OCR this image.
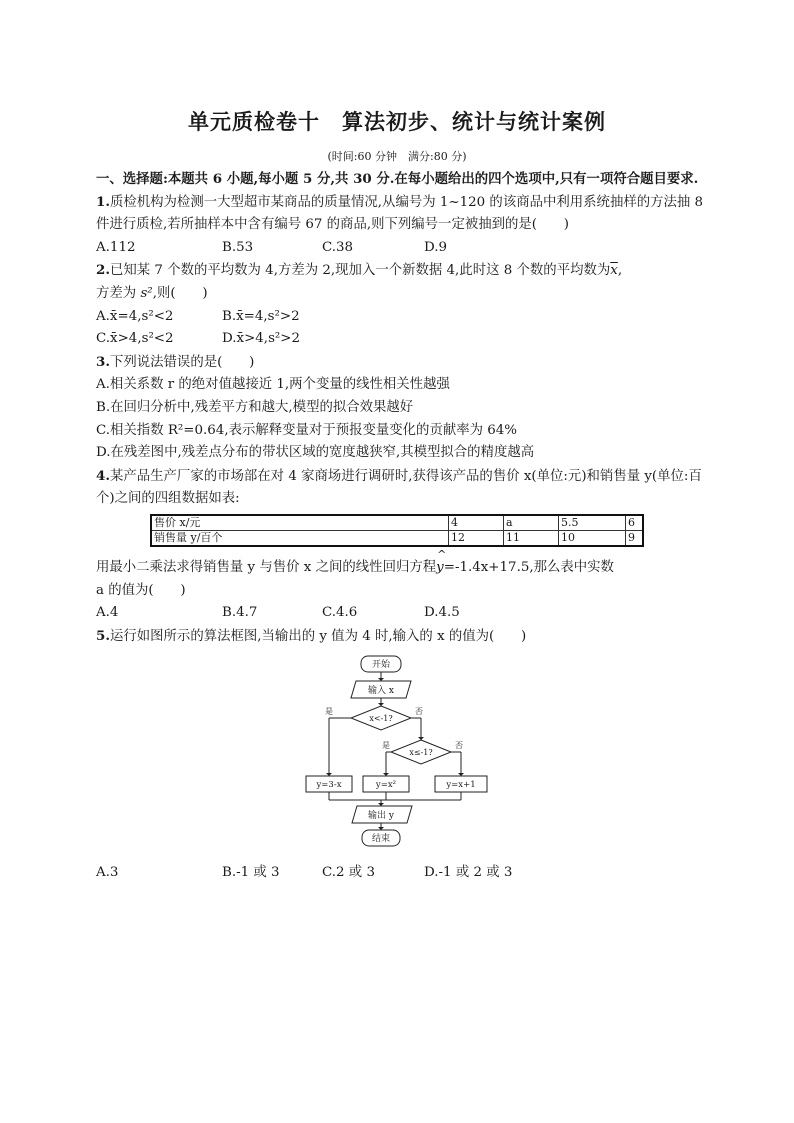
单元质检卷十　算法初步、统计与统计案例
(时间:60 分钟　满分:80 分)

一、选择题:本题共 6 小题,每小题 5 分,共 30 分.在每小题给出的四个选项中,只有一项符合题目要求.

1.质检机构为检测一大型超市某商品的质量情况,从编号为 1~120 的该商品中利用系统抽样的方法抽 8 件进行质检,若所抽样本中含有编号 67 的商品,则下列编号一定被抽到的是(　　)

A.112	B.53	C.38	D.9

2.已知某 7 个数的平均数为 4,方差为 2,现加入一个新数据 4,此时这 8 个数的平均数为$\overline{x}$,
方差为 s²,则(　　)

A.x̄=4,s²<2	B.x̄=4,s²>2
C.x̄>4,s²<2	D.x̄>4,s²>2

3.下列说法错误的是(　　)

A.相关系数 r 的绝对值越接近 1,两个变量的线性相关性越强

B.在回归分析中,残差平方和越大,模型的拟合效果越好

C.相关指数 R²=0.64,表示解释变量对于预报变量变化的贡献率为 64%

D.在残差图中,残差点分布的带状区域的宽度越狭窄,其模型拟合的精度越高

4.某产品生产厂家的市场部在对 4 家商场进行调研时,获得该产品的售价 x(单位:元)和销售量 y(单位:百个)之间的四组数据如表:

售价 x/元	4	a	5.5	6
销售量 y/百个	12	11	10	9

用最小二乘法求得销售量 y 与售价 x 之间的线性回归方程^ y=-1.4x+17.5,那么表中实数

a 的值为(　　)

A.4	B.4.7	C.4.6	D.4.5

5.运行如图所示的算法框图,当输出的 y 值为 4 时,输入的 x 的值为(　　)

开始
输入 x
x<-1?
x≤-1?
是	否
是	否
y=3-x	y=x²	y=x+1
输出 y
结束
A.3	B.-1 或 3	C.2 或 3	D.-1 或 2 或 3
